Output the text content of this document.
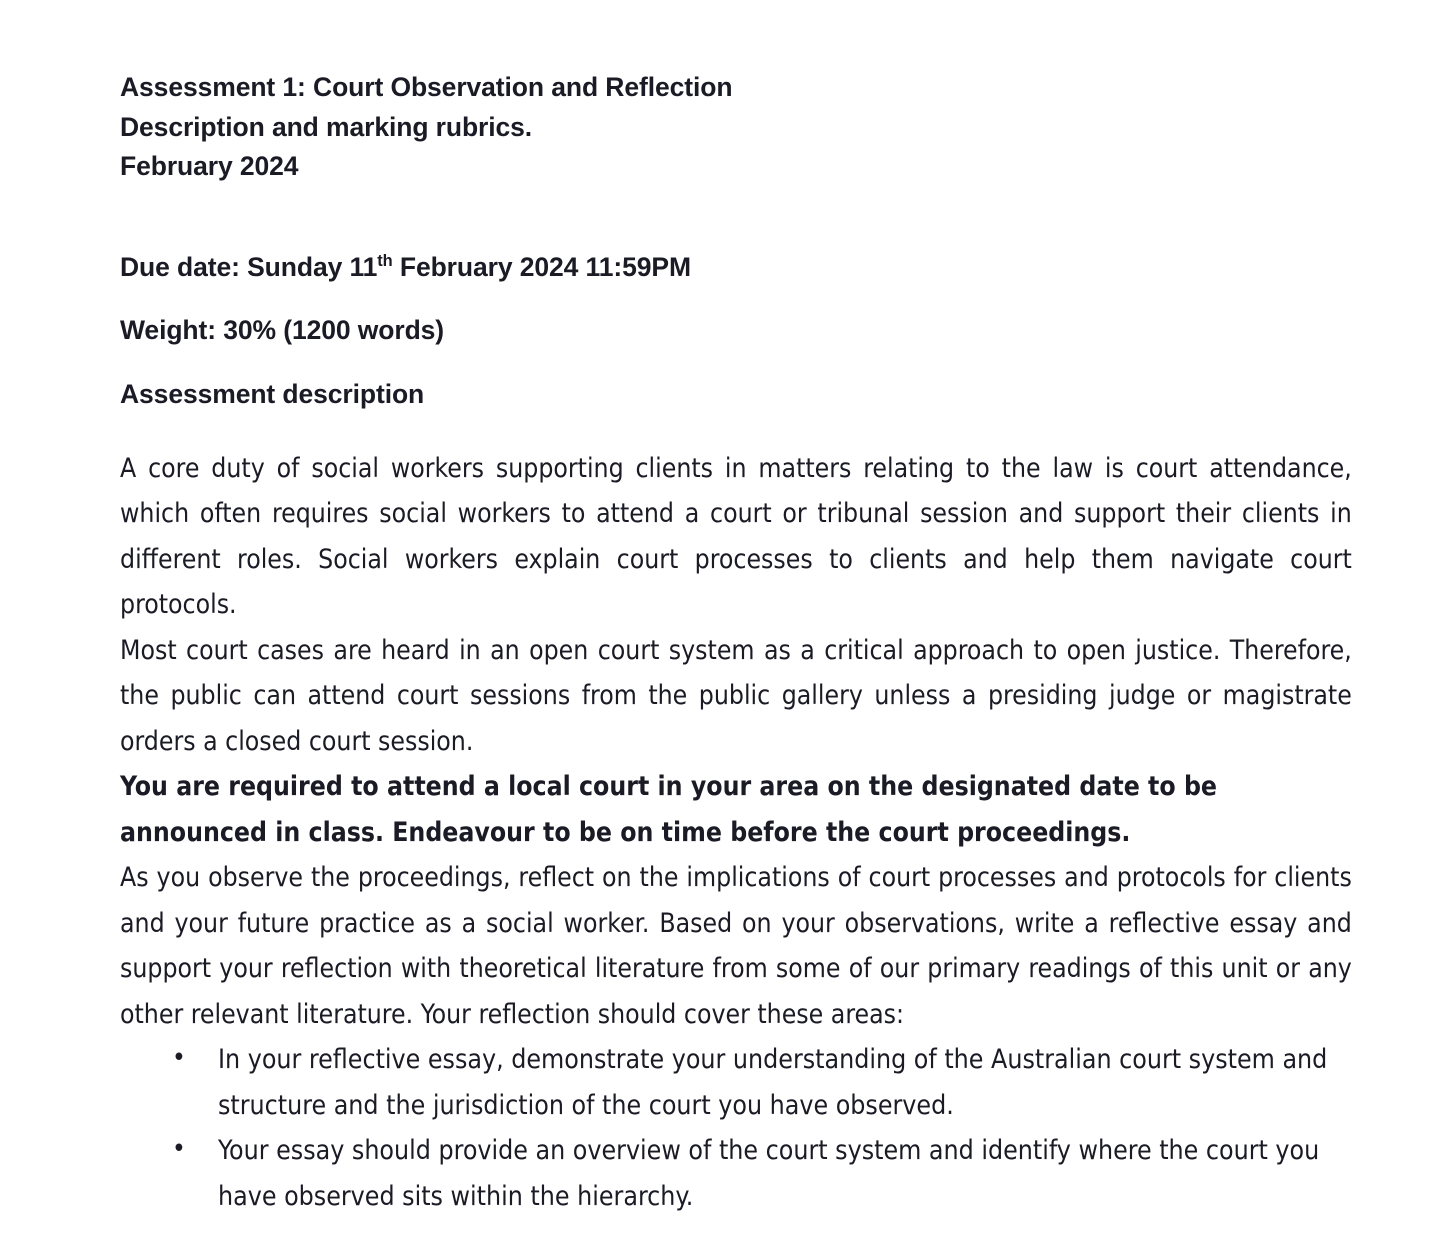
Assessment 1: Court Observation and Reflection
Description and marking rubrics.
February 2024
Due date: Sunday 11th February 2024 11:59PM
Weight: 30% (1200 words)
Assessment description

A core duty of social workers supporting clients in matters relating to the law is court attendance, which often requires social workers to attend a court or tribunal session and support their clients in different roles. Social workers explain court processes to clients and help them navigate court protocols.

Most court cases are heard in an open court system as a critical approach to open justice. Therefore, the public can attend court sessions from the public gallery unless a presiding judge or magistrate orders a closed court session.

You are required to attend a local court in your area on the designated date to be announced in class. Endeavour to be on time before the court proceedings.

As you observe the proceedings, reflect on the implications of court processes and protocols for clients and your future practice as a social worker. Based on your observations, write a reflective essay and support your reflection with theoretical literature from some of our primary readings of this unit or any other relevant literature. Your reflection should cover these areas:

• In your reflective essay, demonstrate your understanding of the Australian court system and structure and the jurisdiction of the court you have observed.
• Your essay should provide an overview of the court system and identify where the court you have observed sits within the hierarchy.
